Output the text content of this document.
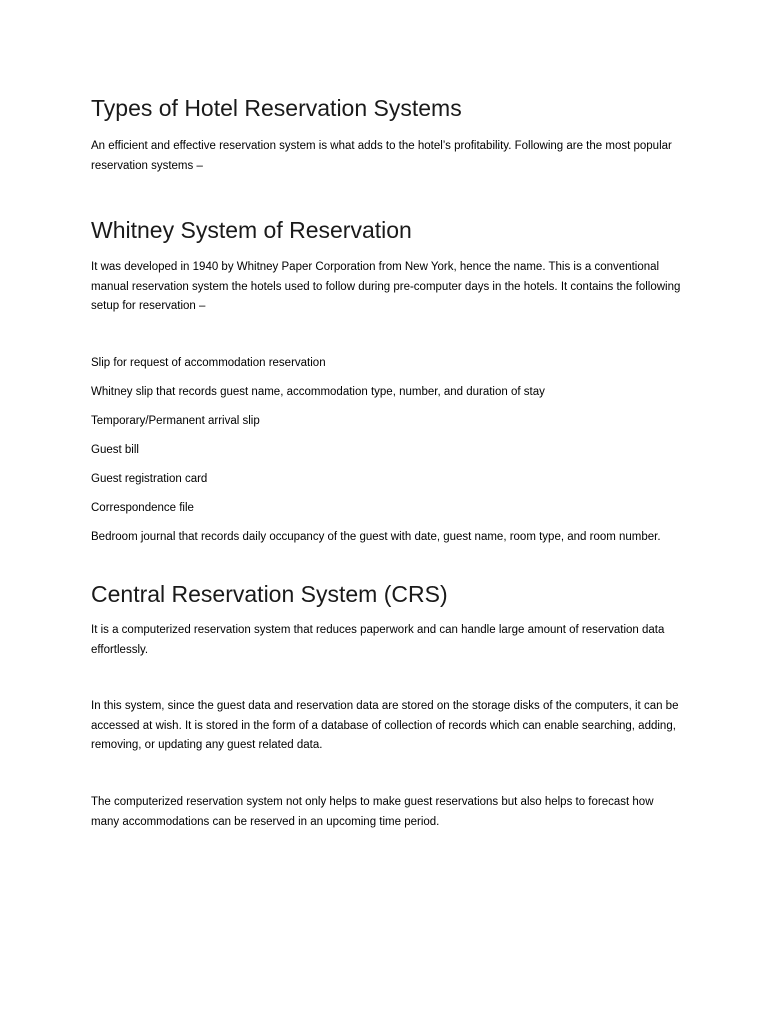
Types of Hotel Reservation Systems

An efficient and effective reservation system is what adds to the hotel’s profitability. Following are the most popular reservation systems –

Whitney System of Reservation

It was developed in 1940 by Whitney Paper Corporation from New York, hence the name. This is a conventional manual reservation system the hotels used to follow during pre-computer days in the hotels. It contains the following setup for reservation –

Slip for request of accommodation reservation

Whitney slip that records guest name, accommodation type, number, and duration of stay

Temporary/Permanent arrival slip

Guest bill

Guest registration card

Correspondence file

Bedroom journal that records daily occupancy of the guest with date, guest name, room type, and room number.

Central Reservation System (CRS)

It is a computerized reservation system that reduces paperwork and can handle large amount of reservation data effortlessly.

In this system, since the guest data and reservation data are stored on the storage disks of the computers, it can be accessed at wish. It is stored in the form of a database of collection of records which can enable searching, adding, removing, or updating any guest related data.

The computerized reservation system not only helps to make guest reservations but also helps to forecast how many accommodations can be reserved in an upcoming time period.
